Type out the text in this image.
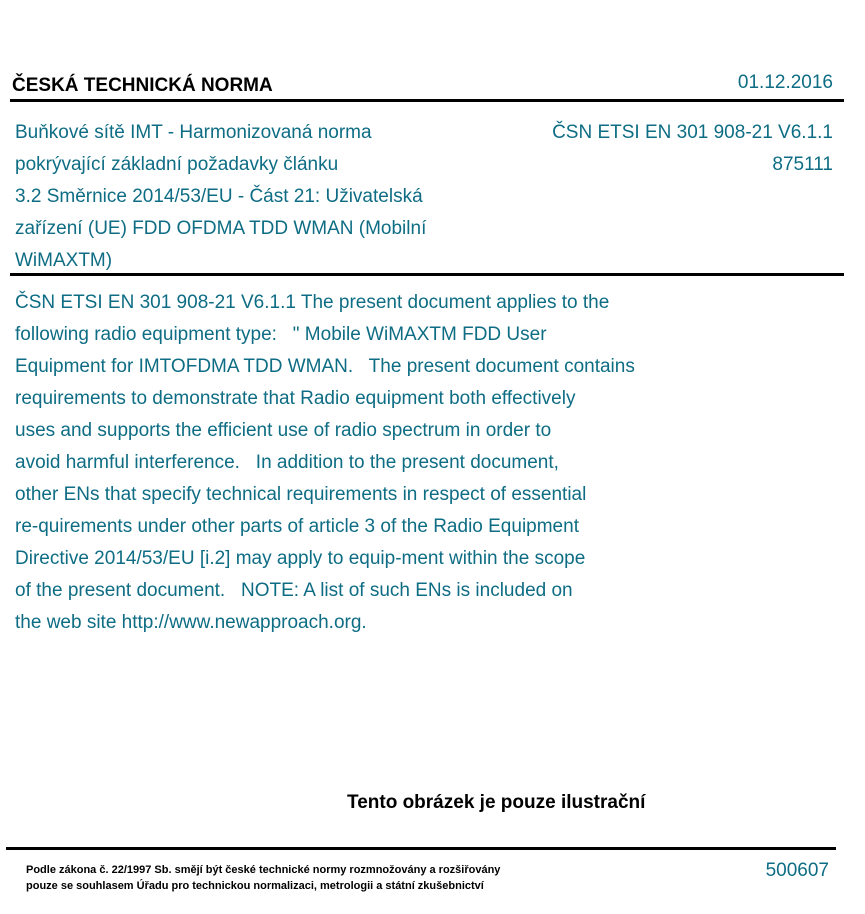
ČESKÁ TECHNICKÁ NORMA	01.12.2016
Buňkové sítě IMT - Harmonizovaná norma
pokrývající základní požadavky článku
3.2 Směrnice 2014/53/EU - Část 21: Uživatelská
zařízení (UE) FDD OFDMA TDD WMAN (Mobilní
WiMAXTM)
ČSN ETSI EN 301 908-21 V6.1.1
875111
ČSN ETSI EN 301 908-21 V6.1.1 The present document applies to the
following radio equipment type:   " Mobile WiMAXTM FDD User
Equipment for IMTOFDMA TDD WMAN.   The present document contains
requirements to demonstrate that Radio equipment both effectively
uses and supports the efficient use of radio spectrum in order to
avoid harmful interference.   In addition to the present document,
other ENs that specify technical requirements in respect of essential
re-quirements under other parts of article 3 of the Radio Equipment
Directive 2014/53/EU [i.2] may apply to equip-ment within the scope
of the present document.   NOTE: A list of such ENs is included on
the web site http://www.newapproach.org.
Tento obrázek je pouze ilustrační
Podle zákona č. 22/1997 Sb. smějí být české technické normy rozmnožovány a rozšiřovány
pouze se souhlasem Úřadu pro technickou normalizaci, metrologii a státní zkušebnictví
500607
